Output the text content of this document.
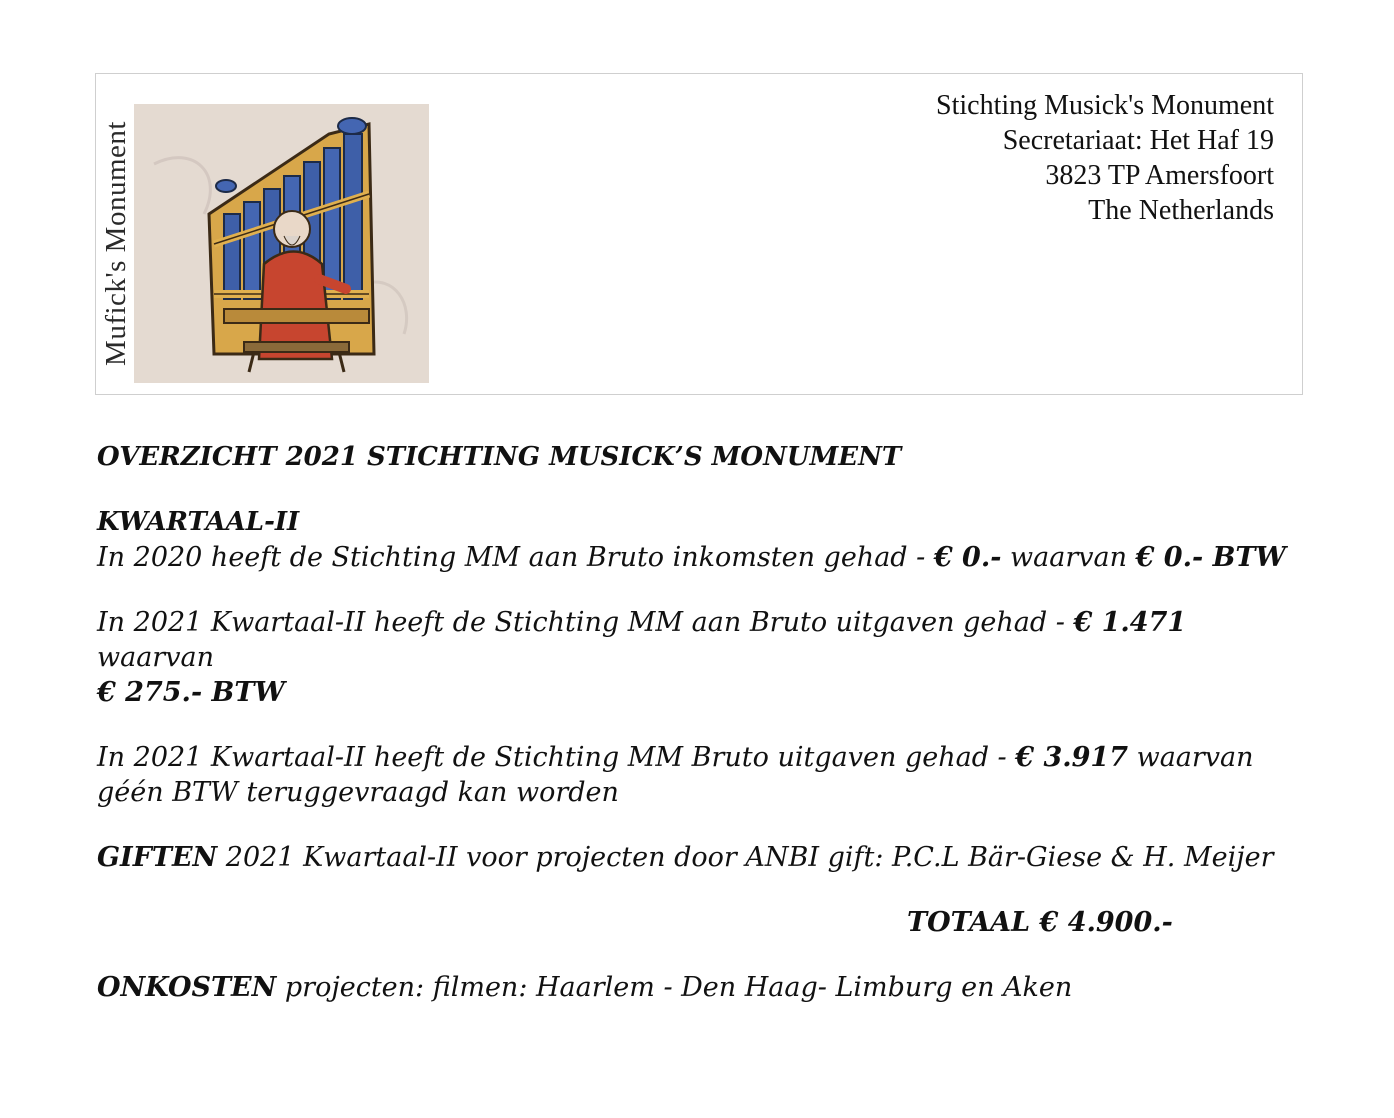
Mufick's Monument
Stichting Musick's Monument
Secretariaat: Het Haf 19
3823 TP Amersfoort
The Netherlands

OVERZICHT 2021 STICHTING MUSICK’S MONUMENT

KWARTAAL-II

In 2020 heeft de Stichting MM aan Bruto inkomsten gehad - € 0.- waarvan € 0.- BTW

In 2021 Kwartaal-II heeft de Stichting MM aan Bruto uitgaven gehad - € 1.471 waarvan
€ 275.- BTW

In 2021 Kwartaal-II heeft de Stichting MM Bruto uitgaven gehad - € 3.917 waarvan
géén BTW teruggevraagd kan worden

GIFTEN 2021 Kwartaal-II voor projecten door ANBI gift: P.C.L Bär-Giese & H. Meijer

TOTAAL € 4.900.-

ONKOSTEN projecten: filmen: Haarlem - Den Haag- Limburg en Aken
